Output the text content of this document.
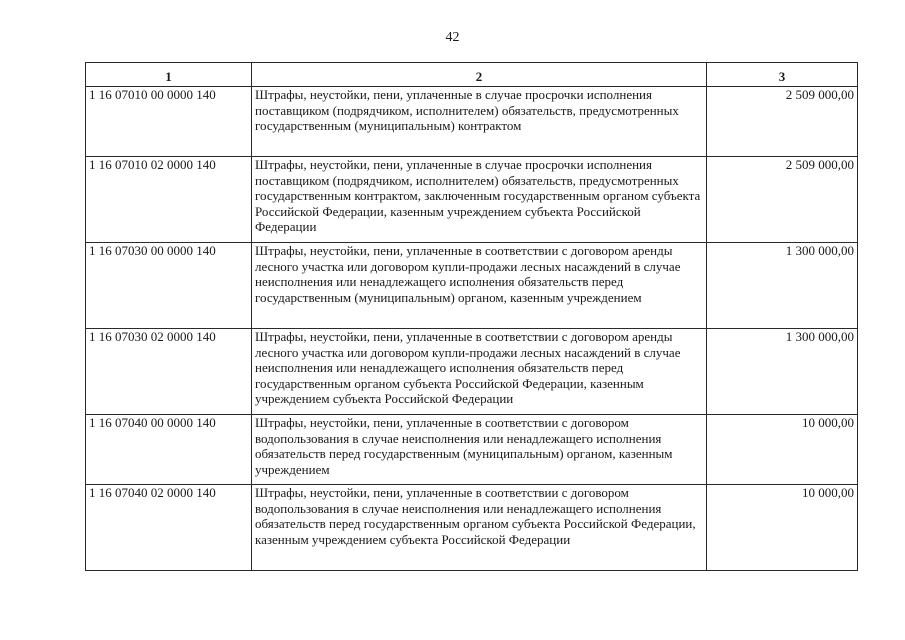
42
1	2	3
1 16 07010 00 0000 140	Штрафы, неустойки, пени, уплаченные в случае просрочки исполнения поставщиком (подрядчиком, исполнителем) обязательств, предусмотренных государственным (муниципальным) контрактом	2 509 000,00
1 16 07010 02 0000 140	Штрафы, неустойки, пени, уплаченные в случае просрочки исполнения поставщиком (подрядчиком, исполнителем) обязательств, предусмотренных государственным контрактом, заключенным государственным органом субъекта Российской Федерации, казенным учреждением субъекта Российской Федерации	2 509 000,00
1 16 07030 00 0000 140	Штрафы, неустойки, пени, уплаченные в соответствии с договором аренды лесного участка или договором купли-продажи лесных насаждений в случае неисполнения или ненадлежащего исполнения обязательств перед государственным (муниципальным) органом, казенным учреждением	1 300 000,00
1 16 07030 02 0000 140	Штрафы, неустойки, пени, уплаченные в соответствии с договором аренды лесного участка или договором купли-продажи лесных насаждений в случае неисполнения или ненадлежащего исполнения обязательств перед государственным органом субъекта Российской Федерации, казенным учреждением субъекта Российской Федерации	1 300 000,00
1 16 07040 00 0000 140	Штрафы, неустойки, пени, уплаченные в соответствии с договором водопользования в случае неисполнения или ненадлежащего исполнения обязательств перед государственным (муниципальным) органом, казенным учреждением	10 000,00
1 16 07040 02 0000 140	Штрафы, неустойки, пени, уплаченные в соответствии с договором водопользования в случае неисполнения или ненадлежащего исполнения обязательств перед государственным органом субъекта Российской Федерации, казенным учреждением субъекта Российской Федерации	10 000,00
